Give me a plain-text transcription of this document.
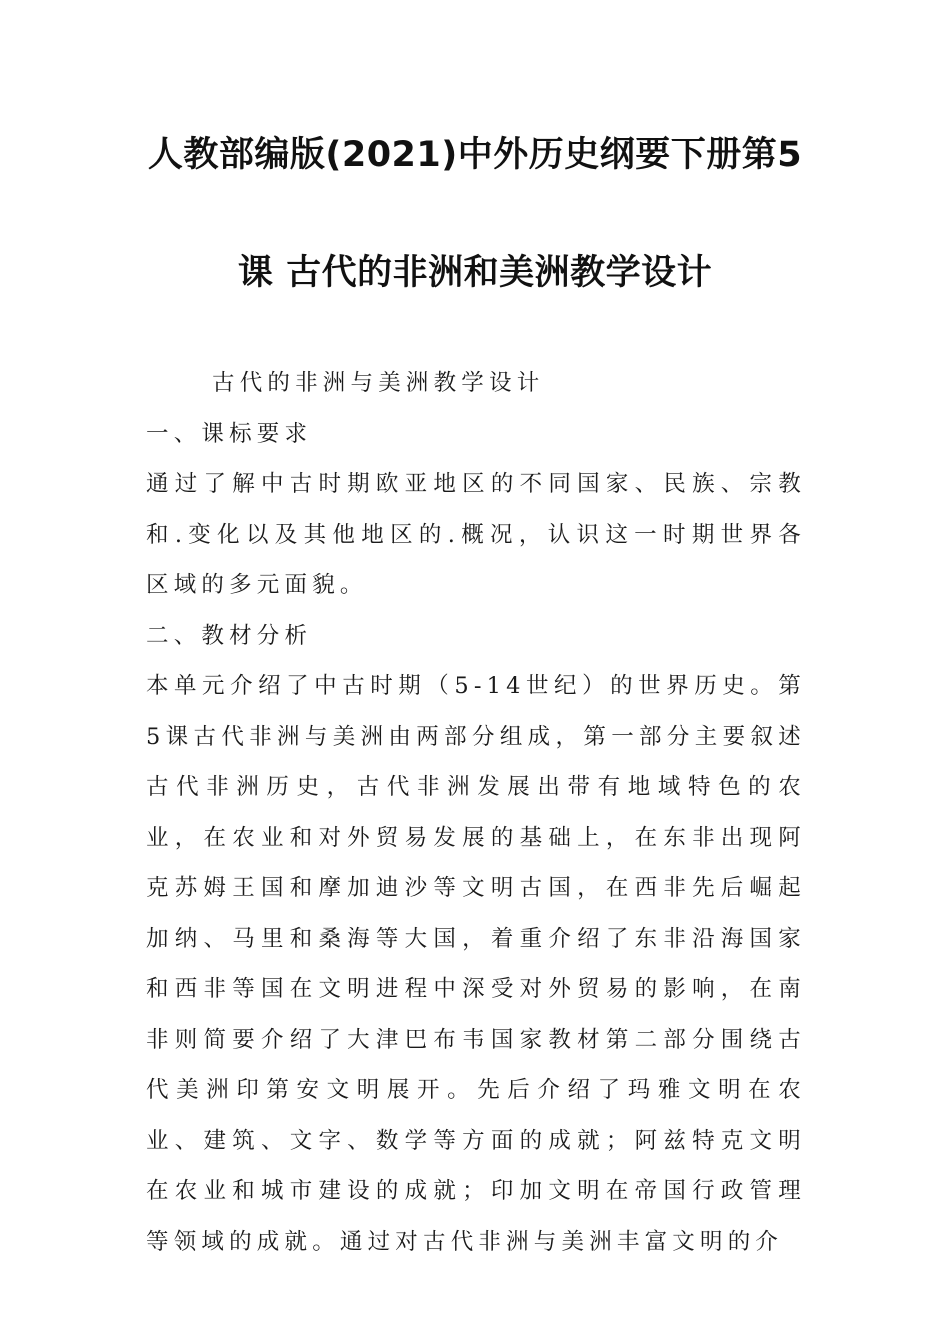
人教部编版(2021)中外历史纲要下册第5
课 古代的非洲和美洲教学设计

古代的非洲与美洲教学设计

一、课标要求

通过了解中古时期欧亚地区的不同国家、民族、宗教和.变化以及其他地区的.概况，认识这一时期世界各区域的多元面貌。

二、教材分析

本单元介绍了中古时期（5-14世纪）的世界历史。第5课古代非洲与美洲由两部分组成，第一部分主要叙述古代非洲历史，古代非洲发展出带有地域特色的农业，在农业和对外贸易发展的基础上，在东非出现阿克苏姆王国和摩加迪沙等文明古国，在西非先后崛起加纳、马里和桑海等大国，着重介绍了东非沿海国家和西非等国在文明进程中深受对外贸易的影响，在南非则简要介绍了大津巴布韦国家教材第二部分围绕古代美洲印第安文明展开。先后介绍了玛雅文明在农业、建筑、文字、数学等方面的成就；阿兹特克文明在农业和城市建设的成就；印加文明在帝国行政管理等领域的成就。通过对古代非洲与美洲丰富文明的介
